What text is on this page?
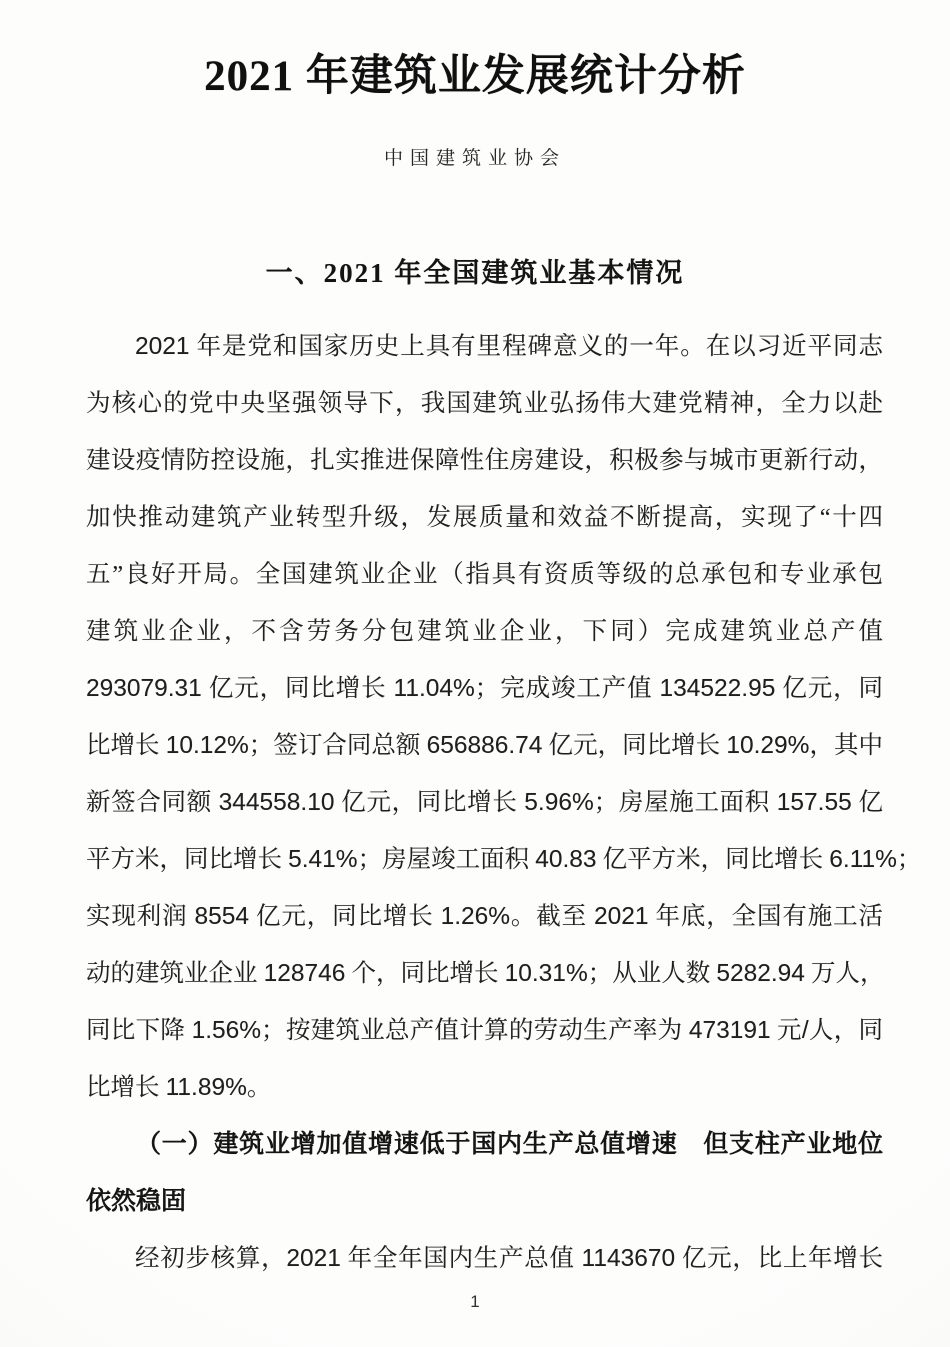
2021 年建筑业发展统计分析
中国建筑业协会
一、2021 年全国建筑业基本情况
2021 年是党和国家历史上具有里程碑意义的一年。在以习近平同志
为核心的党中央坚强领导下，我国建筑业弘扬伟大建党精神，全力以赴
建设疫情防控设施，扎实推进保障性住房建设，积极参与城市更新行动，
加快推动建筑产业转型升级，发展质量和效益不断提高，实现了“十四
五”良好开局。全国建筑业企业（指具有资质等级的总承包和专业承包
建筑业企业，不含劳务分包建筑业企业，下同）完成建筑业总产值
293079.31 亿元，同比增长 11.04%；完成竣工产值 134522.95 亿元，同
比增长 10.12%；签订合同总额 656886.74 亿元，同比增长 10.29%，其中
新签合同额 344558.10 亿元，同比增长 5.96%；房屋施工面积 157.55 亿
平方米，同比增长 5.41%；房屋竣工面积 40.83 亿平方米，同比增长 6.11%；
实现利润 8554 亿元，同比增长 1.26%。截至 2021 年底，全国有施工活
动的建筑业企业 128746 个，同比增长 10.31%；从业人数 5282.94 万人，
同比下降 1.56%；按建筑业总产值计算的劳动生产率为 473191 元/人，同
比增长 11.89%。
（一）建筑业增加值增速低于国内生产总值增速　但支柱产业地位
依然稳固
经初步核算，2021 年全年国内生产总值 1143670 亿元，比上年增长
1
